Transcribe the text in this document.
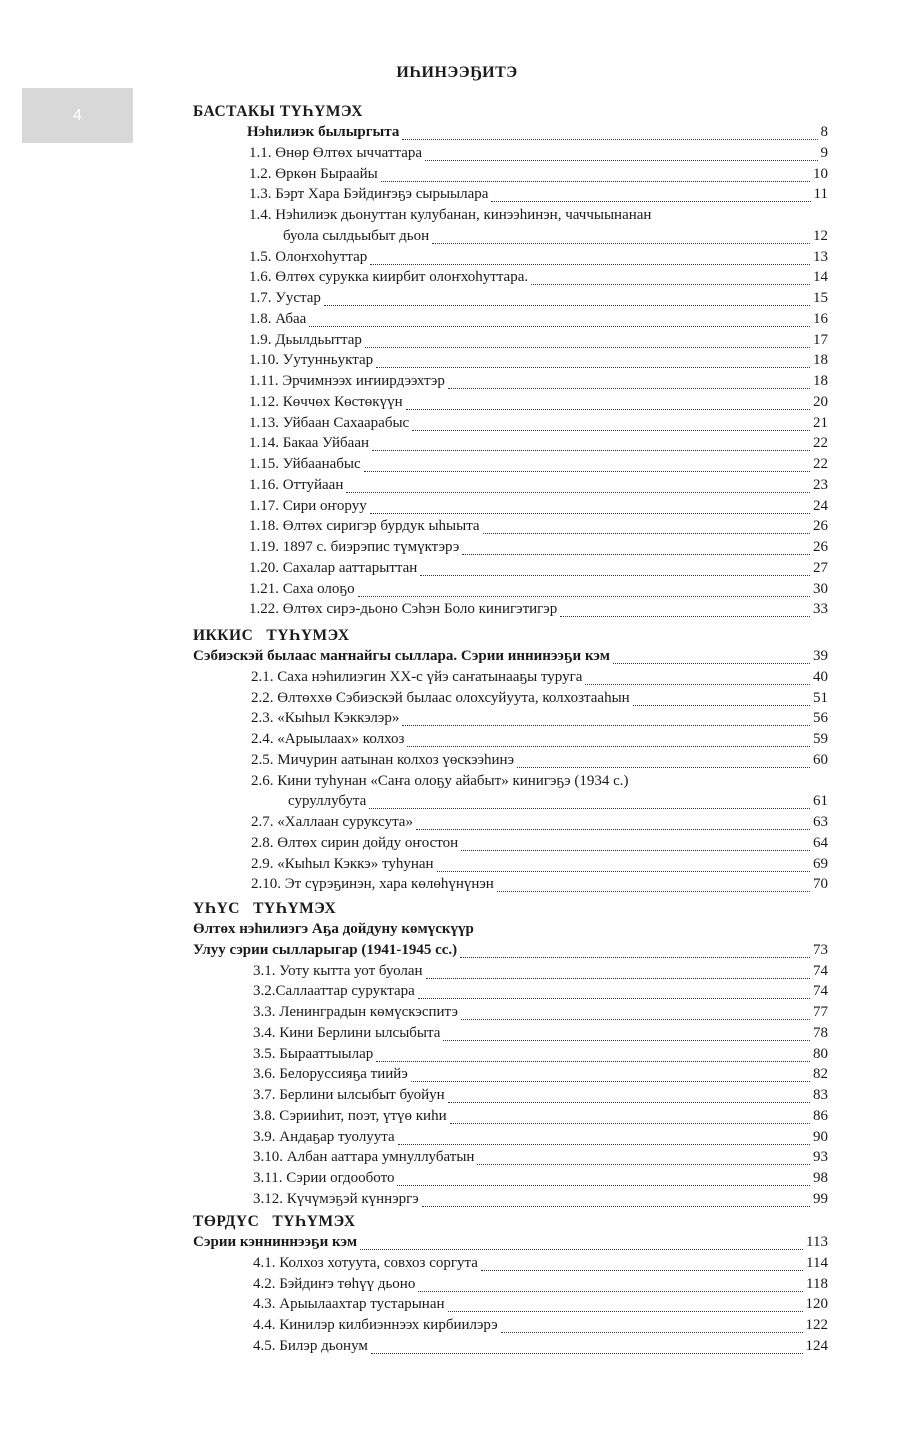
4
ИҺИНЭЭҔИТЭ
БАСТАКЫ ТҮҺҮМЭХ
Нэһилиэк былыргыта	8
1.1. Өнөр Өлтөх ыччаттара	9
1.2. Өркөн Быраайы	10
1.3. Бэрт Хара Бэйдиҥэҕэ сырыылара	11
1.4. Нэһилиэк дьонуттан кулубанан, кинээһинэн, чаччыынанан
буола сылдьыбыт дьон	12
1.5. Олоҥхоһуттар	13
1.6. Өлтөх сурукка киирбит олоҥхоһуттара.	14
1.7. Уустар	15
1.8. Абаа	16
1.9. Дьылдьыттар	17
1.10. Уутунньуктар	18
1.11. Эрчимнээх иҥиирдээхтэр	18
1.12. Көччөх Көстөкүүн	20
1.13. Уйбаан Сахаарабыс	21
1.14. Бакаа Уйбаан	22
1.15. Уйбаанабыс	22
1.16. Оттуйаан	23
1.17. Сири оҥоруу	24
1.18. Өлтөх сиригэр бурдук ыһыыта	26
1.19. 1897 с. биэрэпис түмүктэрэ	26
1.20. Сахалар ааттарыттан	27
1.21. Саха олоҕо	30
1.22. Өлтөх сирэ-дьоно Сэһэн Боло кинигэтигэр	33
ИККИС   ТҮҺҮМЭХ
Сэбиэскэй былаас маҥнайгы сыллара. Сэрии иннинээҕи кэм	39
2.1. Саха нэһилиэгин XX-с үйэ саҥатынааҕы туруга	40
2.2. Өлтөххө Сэбиэскэй былаас олохсуйуута, колхозтааһын	51
2.3. «Кыһыл Кэккэлэр»	56
2.4. «Арыылаах» колхоз	59
2.5. Мичурин аатынан колхоз үөскээһинэ	60
2.6. Кини туһунан «Саҥа олоҕу айабыт» кинигэҕэ (1934 с.)
суруллубута	61
2.7. «Халлаан суруксута»	63
2.8. Өлтөх сирин дойду оҥостон	64
2.9. «Кыһыл Кэккэ» туһунан	69
2.10. Эт сүрэҕинэн, хара көлөһүнүнэн	70
ҮҺҮС   ТҮҺҮМЭХ
Өлтөх нэһилиэгэ Аҕа дойдуну көмүскүүр
Улуу сэрии сылларыгар (1941-1945 сс.)	73
3.1. Уоту кытта уот буолан	74
3.2.Саллааттар суруктара	74
3.3. Ленинградын көмүскэспитэ	77
3.4. Кини Берлини ылсыбыта	78
3.5. Бырааттыылар	80
3.6. Белоруссияҕа тиийэ	82
3.7. Берлини ылсыбыт буойун	83
3.8. Сэрииһит, поэт, үтүө киһи	86
3.9. Андаҕар туолуута	90
3.10. Албан ааттара умнуллубатын	93
3.11. Сэрии огдообото	98
3.12. Күчүмэҕэй күннэргэ	99
ТӨРДҮС   ТҮҺҮМЭХ
Сэрии кэнниннээҕи кэм	113
4.1. Колхоз хотуута, совхоз соргута	114
4.2. Бэйдиҥэ төһүү дьоно	118
4.3. Арыылаахтар тустарынан	120
4.4. Кинилэр килбиэннээх кирбиилэрэ	122
4.5. Билэр дьонум	124
